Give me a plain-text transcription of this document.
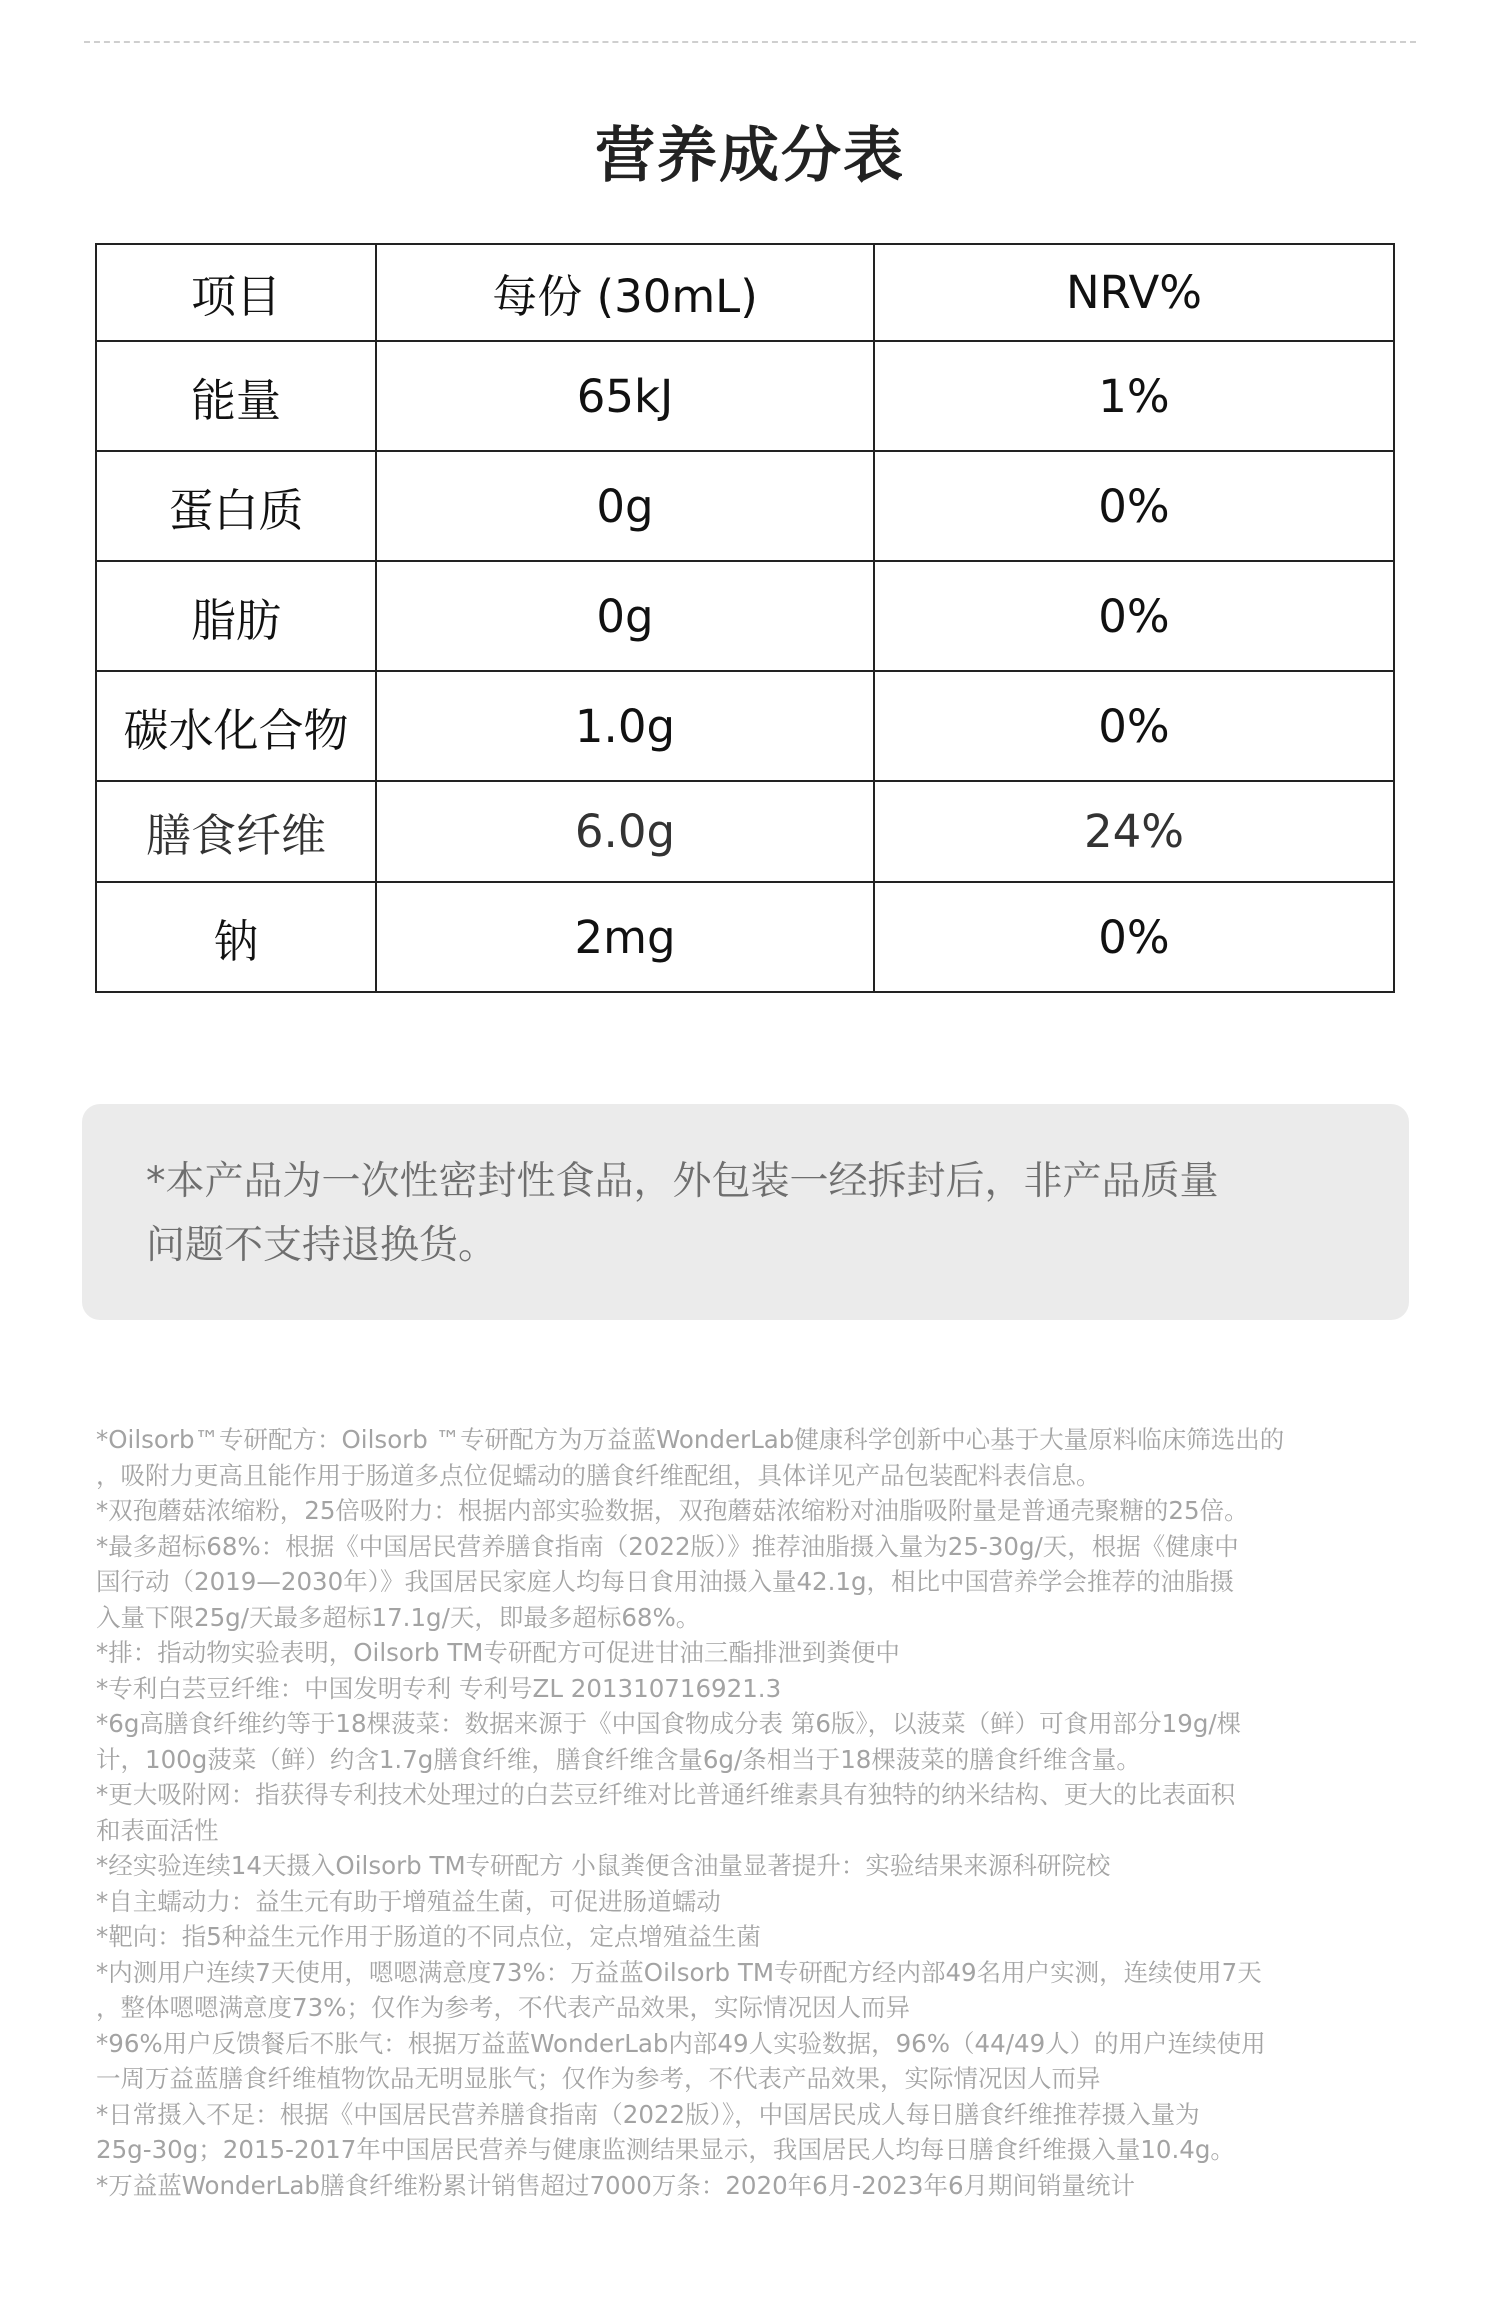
营养成分表
项目	每份 (30mL)	NRV%
能量	65kJ	1%
蛋白质	0g	0%
脂肪	0g	0%
碳水化合物	1.0g	0%
膳食纤维	6.0g	24%
钠	2mg	0%

*本产品为一次性密封性食品，外包装一经拆封后，非产品质量

问题不支持退换货。

*Oilsorb™专研配方：Oilsorb ™专研配方为万益蓝WonderLab健康科学创新中心基于大量原料临床筛选出的

，吸附力更高且能作用于肠道多点位促蠕动的膳食纤维配组，具体详见产品包装配料表信息。

*双孢蘑菇浓缩粉，25倍吸附力：根据内部实验数据，双孢蘑菇浓缩粉对油脂吸附量是普通壳聚糖的25倍。

*最多超标68%：根据《中国居民营养膳食指南（2022版）》推荐油脂摄入量为25-30g/天，根据《健康中

国行动（2019—2030年）》我国居民家庭人均每日食用油摄入量42.1g，相比中国营养学会推荐的油脂摄

入量下限25g/天最多超标17.1g/天，即最多超标68%。

*排：指动物实验表明，Oilsorb TM专研配方可促进甘油三酯排泄到粪便中

*专利白芸豆纤维：中国发明专利 专利号ZL 201310716921.3

*6g高膳食纤维约等于18棵菠菜：数据来源于《中国食物成分表 第6版》，以菠菜（鲜）可食用部分19g/棵

计，100g菠菜（鲜）约含1.7g膳食纤维，膳食纤维含量6g/条相当于18棵菠菜的膳食纤维含量。

*更大吸附网：指获得专利技术处理过的白芸豆纤维对比普通纤维素具有独特的纳米结构、更大的比表面积

和表面活性

*经实验连续14天摄入Oilsorb TM专研配方 小鼠粪便含油量显著提升：实验结果来源科研院校

*自主蠕动力：益生元有助于增殖益生菌，可促进肠道蠕动

*靶向：指5种益生元作用于肠道的不同点位，定点增殖益生菌

*内测用户连续7天使用，嗯嗯满意度73%：万益蓝Oilsorb TM专研配方经内部49名用户实测，连续使用7天

，整体嗯嗯满意度73%；仅作为参考，不代表产品效果，实际情况因人而异

*96%用户反馈餐后不胀气：根据万益蓝WonderLab内部49人实验数据，96%（44/49人）的用户连续使用

一周万益蓝膳食纤维植物饮品无明显胀气；仅作为参考，不代表产品效果，实际情况因人而异

*日常摄入不足：根据《中国居民营养膳食指南（2022版）》，中国居民成人每日膳食纤维推荐摄入量为

25g-30g；2015-2017年中国居民营养与健康监测结果显示，我国居民人均每日膳食纤维摄入量10.4g。

*万益蓝WonderLab膳食纤维粉累计销售超过7000万条：2020年6月-2023年6月期间销量统计
